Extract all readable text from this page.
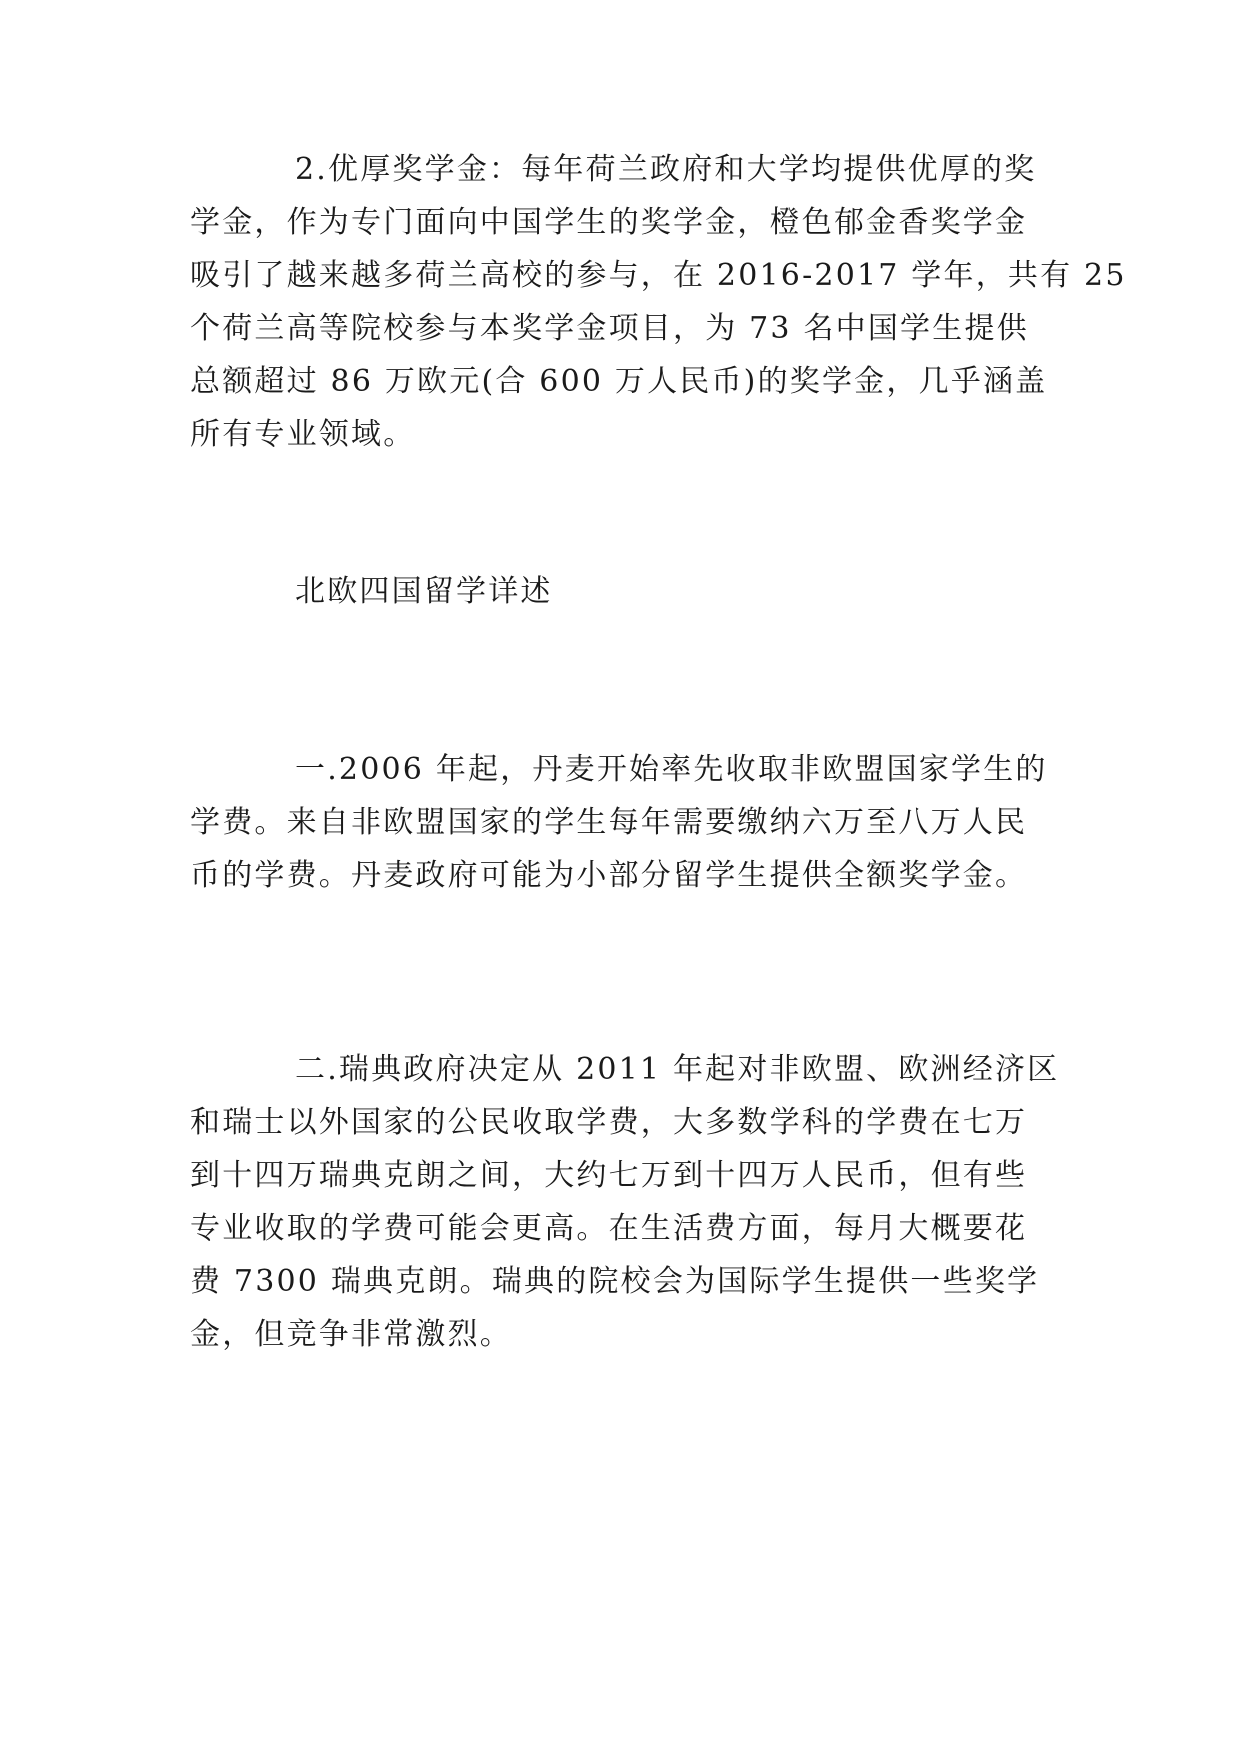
2.优厚奖学金：每年荷兰政府和大学均提供优厚的奖
学金，作为专门面向中国学生的奖学金，橙色郁金香奖学金
吸引了越来越多荷兰高校的参与，在 2016-2017 学年，共有 25
个荷兰高等院校参与本奖学金项目，为 73 名中国学生提供
总额超过 86 万欧元(合 600 万人民币)的奖学金，几乎涵盖
所有专业领域。
北欧四国留学详述
一.2006 年起，丹麦开始率先收取非欧盟国家学生的
学费。来自非欧盟国家的学生每年需要缴纳六万至八万人民
币的学费。丹麦政府可能为小部分留学生提供全额奖学金。
二.瑞典政府决定从 2011 年起对非欧盟、欧洲经济区
和瑞士以外国家的公民收取学费，大多数学科的学费在七万
到十四万瑞典克朗之间，大约七万到十四万人民币，但有些
专业收取的学费可能会更高。在生活费方面，每月大概要花
费 7300 瑞典克朗。瑞典的院校会为国际学生提供一些奖学
金，但竞争非常激烈。
